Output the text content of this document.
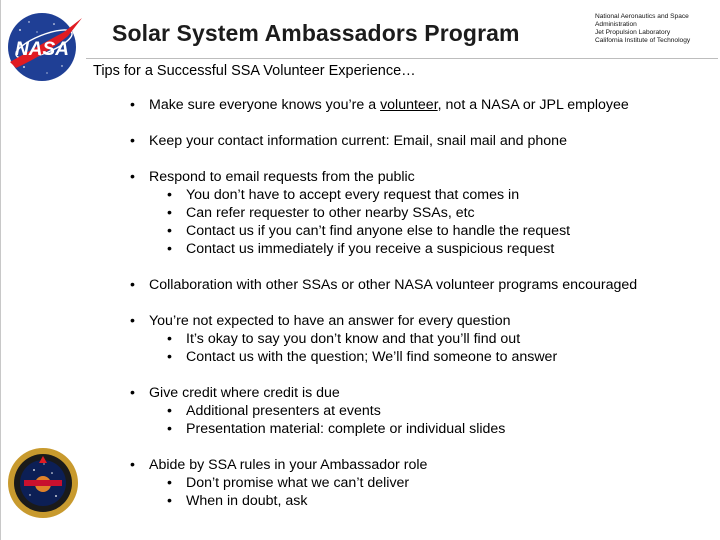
NASA
Solar System Ambassadors Program
National Aeronautics and Space
Administration
Jet Propulsion Laboratory
California Institute of Technology
Tips for a Successful SSA Volunteer Experience…
• Make sure everyone knows you’re a volunteer, not a NASA or JPL employee
• Keep your contact information current: Email, snail mail and phone
• Respond to email requests from the public
• You don’t have to accept every request that comes in
• Can refer requester to other nearby SSAs, etc
• Contact us if you can’t find anyone else to handle the request
• Contact us immediately if you receive a suspicious request
• Collaboration with other SSAs or other NASA volunteer programs encouraged
• You’re not expected to have an answer for every question
• It’s okay to say you don’t know and that you’ll find out
• Contact us with the question; We’ll find someone to answer
• Give credit where credit is due
• Additional presenters at events
• Presentation material: complete or individual slides
• Abide by SSA rules in your Ambassador role
• Don’t promise what we can’t deliver
• When in doubt, ask
